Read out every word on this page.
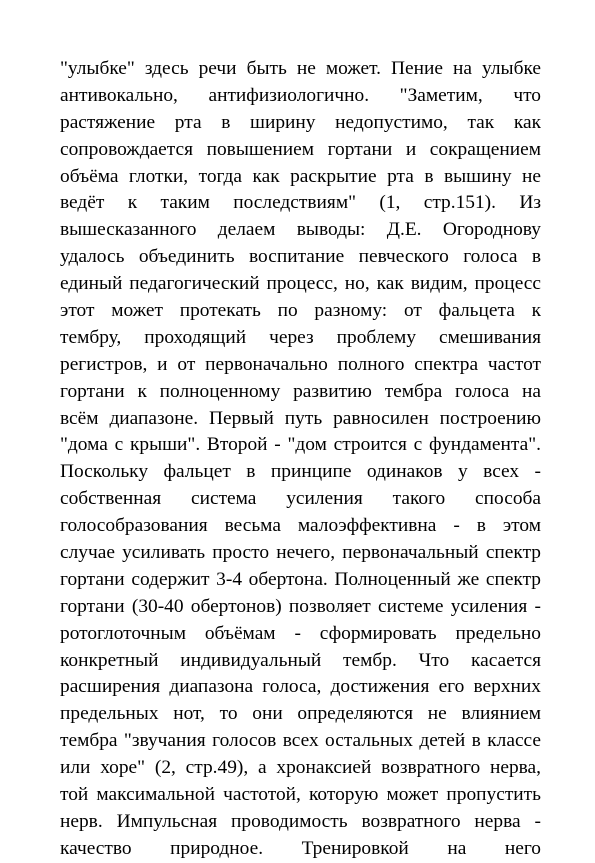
"улыбке" здесь речи быть не может. Пение на улыбке
антивокально, антифизиологично. "Заметим, что
растяжение рта в ширину недопустимо, так как
сопровождается повышением гортани и сокращением
объёма глотки, тогда как раскрытие рта в вышину не
ведёт к таким последствиям" (1, стр.151). Из
вышесказанного делаем выводы: Д.Е. Огороднову
удалось объединить воспитание певческого голоса в
единый педагогический процесс, но, как видим, процесс
этот может протекать по разному: от фальцета к
тембру, проходящий через проблему смешивания
регистров, и от первоначально полного спектра частот
гортани к полноценному развитию тембра голоса на
всём диапазоне. Первый путь равносилен построению
"дома с крыши". Второй - "дом строится с фундамента".
Поскольку фальцет в принципе одинаков у всех -
собственная система усиления такого способа
голособразования весьма малоэффективна - в этом
случае усиливать просто нечего, первоначальный спектр
гортани содержит 3-4 обертона. Полноценный же спектр
гортани (30-40 обертонов) позволяет системе усиления -
ротоглоточным объёмам - сформировать предельно
конкретный индивидуальный тембр. Что касается
расширения диапазона голоса, достижения его верхних
предельных нот, то они определяются не влиянием
тембра "звучания голосов всех остальных детей в классе
или хоре" (2, стр.49), а хронаксией возвратного нерва,
той максимальной частотой, которую может пропустить
нерв. Импульсная проводимость возвратного нерва -
качество природное. Тренировкой на него
